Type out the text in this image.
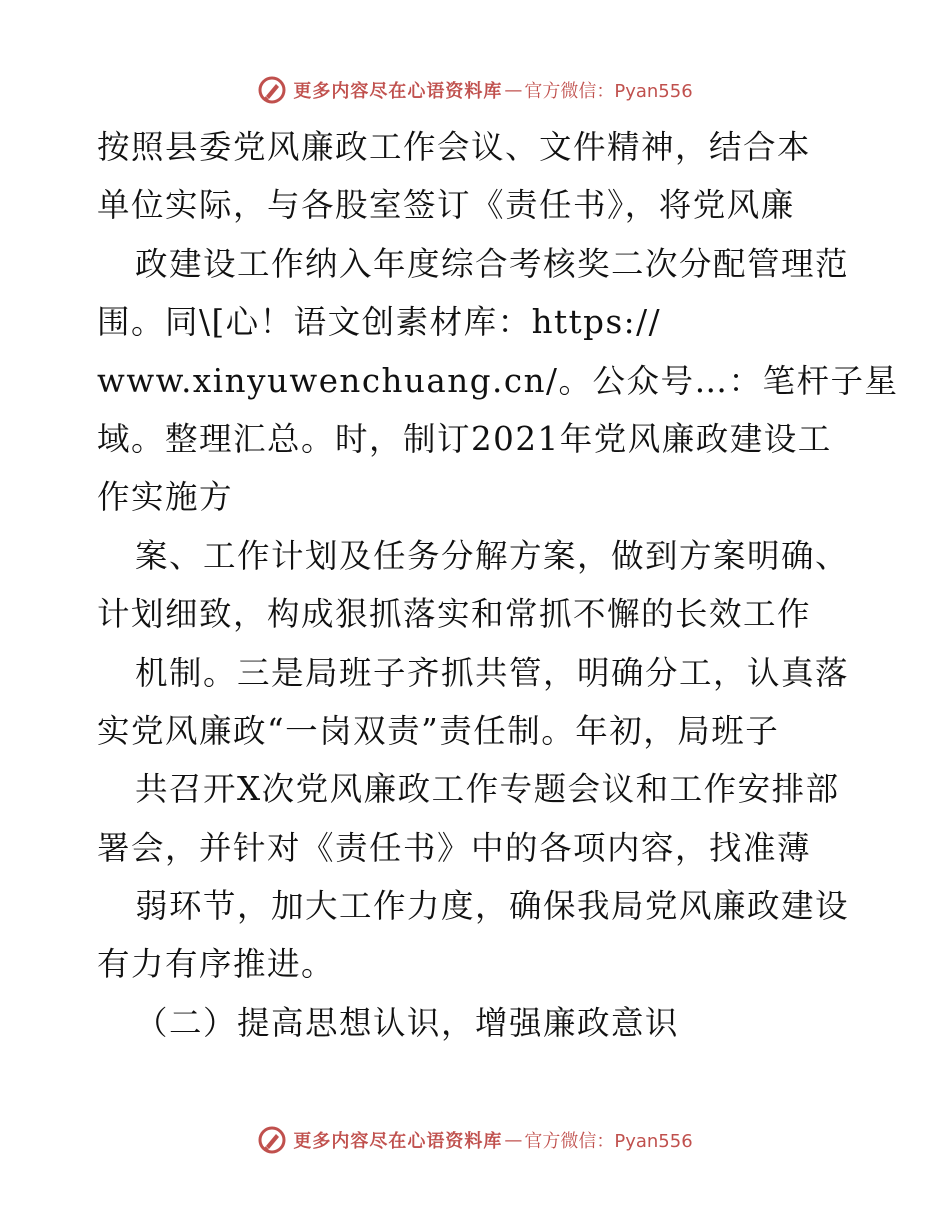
更多内容尽在心语资料库 — 官方微信：Pyan556
按照县委党风廉政工作会议、文件精神，结合本
单位实际，与各股室签订《责任书》，将党风廉
政建设工作纳入年度综合考核奖二次分配管理范
围。同\[心！语文创素材库：https://
www.xinyuwenchuang.cn/。公众号…：笔杆子星
域。整理汇总。时，制订2021年党风廉政建设工
作实施方
案、工作计划及任务分解方案，做到方案明确、
计划细致，构成狠抓落实和常抓不懈的长效工作
机制。三是局班子齐抓共管，明确分工，认真落
实党风廉政“一岗双责”责任制。年初，局班子
共召开X次党风廉政工作专题会议和工作安排部
署会，并针对《责任书》中的各项内容，找准薄
弱环节，加大工作力度，确保我局党风廉政建设
有力有序推进。
（二）提高思想认识，增强廉政意识
更多内容尽在心语资料库 — 官方微信：Pyan556
